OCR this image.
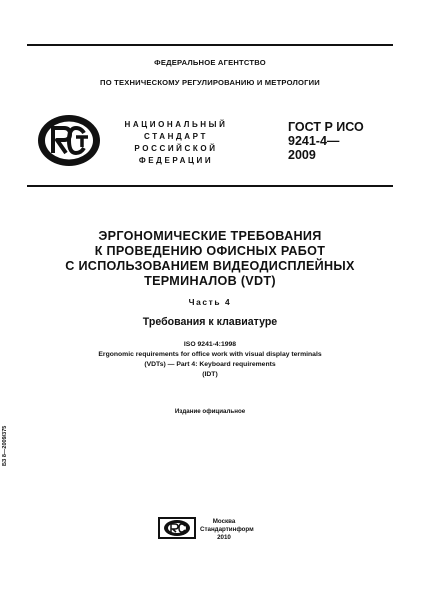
ФЕДЕРАЛЬНОЕ АГЕНТСТВО
ПО ТЕХНИЧЕСКОМУ РЕГУЛИРОВАНИЮ И МЕТРОЛОГИИ
НАЦИОНАЛЬНЫЙ
СТАНДАРТ
РОССИЙСКОЙ
ФЕДЕРАЦИИ
ГОСТ Р ИСО
9241-4—
2009
ЭРГОНОМИЧЕСКИЕ ТРЕБОВАНИЯ
К ПРОВЕДЕНИЮ ОФИСНЫХ РАБОТ
С ИСПОЛЬЗОВАНИЕМ ВИДЕОДИСПЛЕЙНЫХ
ТЕРМИНАЛОВ (VDT)
Часть 4
Требования к клавиатуре
ISO 9241-4:1998
Ergonomic requirements for office work with visual display terminals
(VDTs) — Part 4: Keyboard requirements
(IDT)
Издание официальное
БЗ 8—2009/375
Москва
Стандартинформ
2010
